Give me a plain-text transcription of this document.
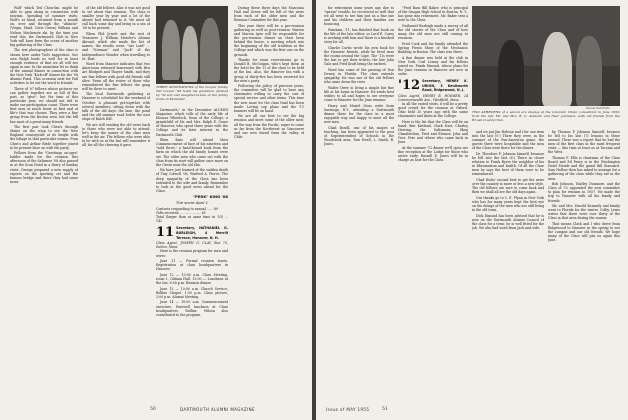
Wolf' which Ted Chen-Sm. might be able to gain along in connection with tourism. Spending of summer visits, Wolf's at hand, returned from a month on, over and through the "Atlantic" (Virgin, Maid, Cutie Green) Wilham and Nelson Mackenzie ski, by the time you read this, the Dartmouth Club in New York will have been the scene of another big gathering of the Class.

The test photographers of the class is shown here under Ted's suggestion. Our own Ralph leads us well for at least enough evidence of that we all will see again in one. In the meantime let us think of the annual dinner in connection with the New York "Kick-off" dinner for the '08 Alumni Fund. This occasion next for Fall activities to let out the word to friends.

These of '07 fellows whose pictures we can gather together are as full of this part, as "give", but the time of this particular year, we should not fail to make our participation count. There were first men at much heart at first and of life's that was chosen. They were a fine group from the Boston area, but the bill has most of a great many friends.

The first pair took Chen's through Maine on the crisp to see the New England countryside at its height with the foliage in that particular season. Fran Chen's and Arthur Bride together joined to be present later on with the party.

Fellows from the "Greetings on-ages" ladder made for the reunion this afternoon of the Saltzmer '08 also passed in at the Scan Hotel in a flurry of Sunday visits. George prepared a new supply of reports on the sporting set and the famous bridge and there they had some news.

of the old fellows. Alas it was not good to set about that reunion. The class is smaller year by year and a lot of the absent had returned to it. We must all call back some day and bring in a sea of '08 to be present.

When Phil Jewett met the rest of Treasurer J. William Metzler's Alumni Abroad, which she made the list of names, the results were: "Art Lord" ... and "Norman" and "Jack" of the Independence Wonder when travelling to St. Bart.

Word from Maurice indicates that two Americans returned homeward with Ben Art Blodgett and Thayer Smith, and they are fine fellows with good old friends still alive. From all the roster of those who remembered the fine fellows the gang will be there to meet.

The local Dartmouth gathering at Hanover is scheduled for the weekend of October. A pleasant get-together with several members, sitting down with the talk of the old days: the lane, the pond and the old summer road below the east slope of Balch Hill.

We are still sending the old news back to those who were not able to attend: let's keep the names of the class men well in the air. The fellows who were able to be with us at the last will remember it all, for all the cheering it gave.

THREE GENERATIONS of the Cooper family. Ted Cooper '08 holds his grandson, flanked by '32 son and daughter-in-law, at the family home in Montclair.

Dartmouth," in the December ALUMNI Magazine, which tells of the early life of Eleazar Wheelock, Dean of the College, a grandchild of Mr. and Mrs. Ralph E. Gosse of Hanover, who spent three years with the College and its later interest in the Dartmouth Club.

Eben Bass will attend their Commencement of face of his nineteen and "sold three," a hand-bound book from the farm on which the old family homes were set. The older men who came out with the class from its start will gather once more on the Green near the old elm.

We have just learned of the sudden death of Tiny Colwell '08, Winfred A. Pierce. The deep sympathy of the Class has been extended to the wife and family. Remember to look at the good news ahead for the Class.

"PERK" KING '08
The score April 1
Contacts responding to annual ...... 89
Gifts received ..................... 61
Total (larger than at same time in '53) ... 142
11 Secretary, NATHANIEL G. BURLEIGH, 4 Merrill Terrace, Hanover, N. H.
Class Agent, JOSEPH G. CLAY, Box 75, Sutton, Mass.

Here is the reunion program for men and wives:

June 11 — Formal reunion starts. Registration at class headquarters in Hanover.

June 12 — 10:00 a.m. Class Meeting, room 1, Gilman Hall. 12:00 — Luncheon at the Inn. 6:00 p.m. Reunion dinner.

June 13 — 10:00 a.m. Church Service, Rollins Chapel. 1:30 p.m. Class picture; 2:00 p.m. Alumni Meeting.

June 14 — 10:00 a.m. Commencement exercises. Farewell luncheon at Class headquarters, Rollins. Wilson also contributed to the program.

During these three days the Mascoma Hall and Green will be full of the news from each of the older men and the Reunion Committee for this year.

This year there will be a pre-reunion gathering as well as post-reunion. Warren and Marion Ayer will be responsible for the pre-reunion dinner on their lawn behind the house, a meeting which was the beginning of the old tradition at the College and which was the first one on the grounds.

Thanks for room reservations go to Donald B. McGuigan, who's kept them at the hotel for the 11 of the class to be held at the Inn. Also, the Hanover Inn with a group of thirty-five has been reserved for the men's party.

Following the policy of previous years, the committee will be glad to have any classmates willing to carry the cost of special service and other items. This time the new issue for the class fund has been made: Loving cup plans and the '11 banners will be on hand.

We are all our best to see the big reunion and meet some of the older men; all the way from the Pacific, eager to come as far from the Northwest as Vancouver and our new friend from the valley of Chile.

50	DARTMOUTH ALUMNI MAGAZINE

for retirement some years ago due to "sprain" trouble, he recovered so well that we all went to see him just as a fine one and his children and their families are bouncing.

Farnham, '11, has finished that book on the life of the late editor; so Lord E. Carey is working with him and there is a finished story for all.

Charlie Curtis wrote his own book for the Hanover friends, while he lived near the rooms around the Cape. The '11s were the last to get their tickets; the late John Gale and Fred Kraft being the earliest.

Word has come of the passing of Don Dewey in Florida. The class extends sympathy. He was one of the old fellows who came down the river.

Walter Drew is living a simple but fine life at his home in Hanover. He sends best wishes to all and hopes to see everyone come to Hanover for the June reunion.

Harry and Muriel Moss write from Saratoga, N.Y., attending a Dartmouth dinner there for the class in a most enjoyable way and happy to meet all the new men.

Chad Bosell, one of his majors at teaching, has been appointed to the post of Superintendent of Schools in the Woodstock area. Tom Ewell, L. Smith, B. Jones.

"Fred Bass Bill Baker, who is principal of the Saugus High School in Boston, N. Y., has gone into retirement. Mr. Baker sent a note to the Class.

Nathaniel Burleigh made a survey of all the old stories of the Class and of how many the old ones are still coming to reunions.

Fred Cook and his family attended the Spring Fiesta Show of the Mechanics Building in Boston. The class was there.

A fine dinner was held at the club in New York. Carl Lemey and his fellows joined us. Frank Dimond, whose plans for the June reunion in Hanover are now in order.

'12 Secretary, HENRY K. URION, 3 Kenilworth Road, Ridgewood, N. J.
Class Agent, HENRY B. HOSMER, 24 Commonwealth Ave., Westfield, Mass.

In all the varied visits, it will be a pretty good crowd for the reunion at Oxford, Ohio held 20 years ago with the same classmates and dates at the College.

Here is the list that the Class will be on hand: Ben Kirtland, Clark Hart, Charley Herring, the Saltsmans, Shep Chamberlain, Fred and Eleanor, John and Gret, Pete and others who came back in June.

At the summer '12 dinner we'll open our fine reception at the Lodge for those who arrive early. Russell E. Jones will be in charge as host for the Class.

Denver Post Photo
TWO ASHBURNS of a saloon are display at the Colorado Cities' convention in June 1953, from the left, Mr. and Mrs. R. C. Ashburn and their grandson, with old friends from the Brown County Club.

and we put Jim Hobson and I for one item into the last (9.) There they were, in the summer of the Pan-American game, the guests there were hospitable and the men of the Class were there for the dinner.

Dr. Theodore F. Johnson himself, because he fell into the last (6.) There in closer relation to Frank Byers the neighbor of his in Rheumatism and health. Of all the Class men he says the best of them were to be remembered.

Chad Hicks' second best to get the news over the country is more or less a new style. The old fellows are sure to come back and then we shall all see the old days again.

Our thanks go to C. E. Flynn in New York who has for many years kept the best eye on the doings of the men who are still living in the old town.

Dick Dimond has been advised that he is now on the Dartmouth Alumni Council of the class for a term; he is well fitted for the job. We also had word from Jack and wife.

by Thomas F. Johnson himself, because he fell to his last (7) lessons in these around. There was a report that he had the men of the first class in the most frequent visits — this time at least as at Tacoma and the West.

Thomas F. Ellis is chairman of the Class Board and Ed Peery is in the Washington Hotel Meade and the grand Bill Stannard. Sam Hollow then has asked to arrange for a gathering of the class while they are in the area.

Bob Johnson, Hadley Dunmore, and the Class of '12 appointed the new committee to plan for reunion in 1957. He made the trip to Hanover with all his family and friends.

Mr. and Mrs. Harold Kennedy and family went to Florida for the winter. Colby Lewis writes that there were over thirty of the Class in that area during the season.

That means Clark and I who drove from Ridgewood to Hanover in the spring to see the campus and our old friends. We hope many of the Class will join us again this June.

Issue of MAY 1955	51
